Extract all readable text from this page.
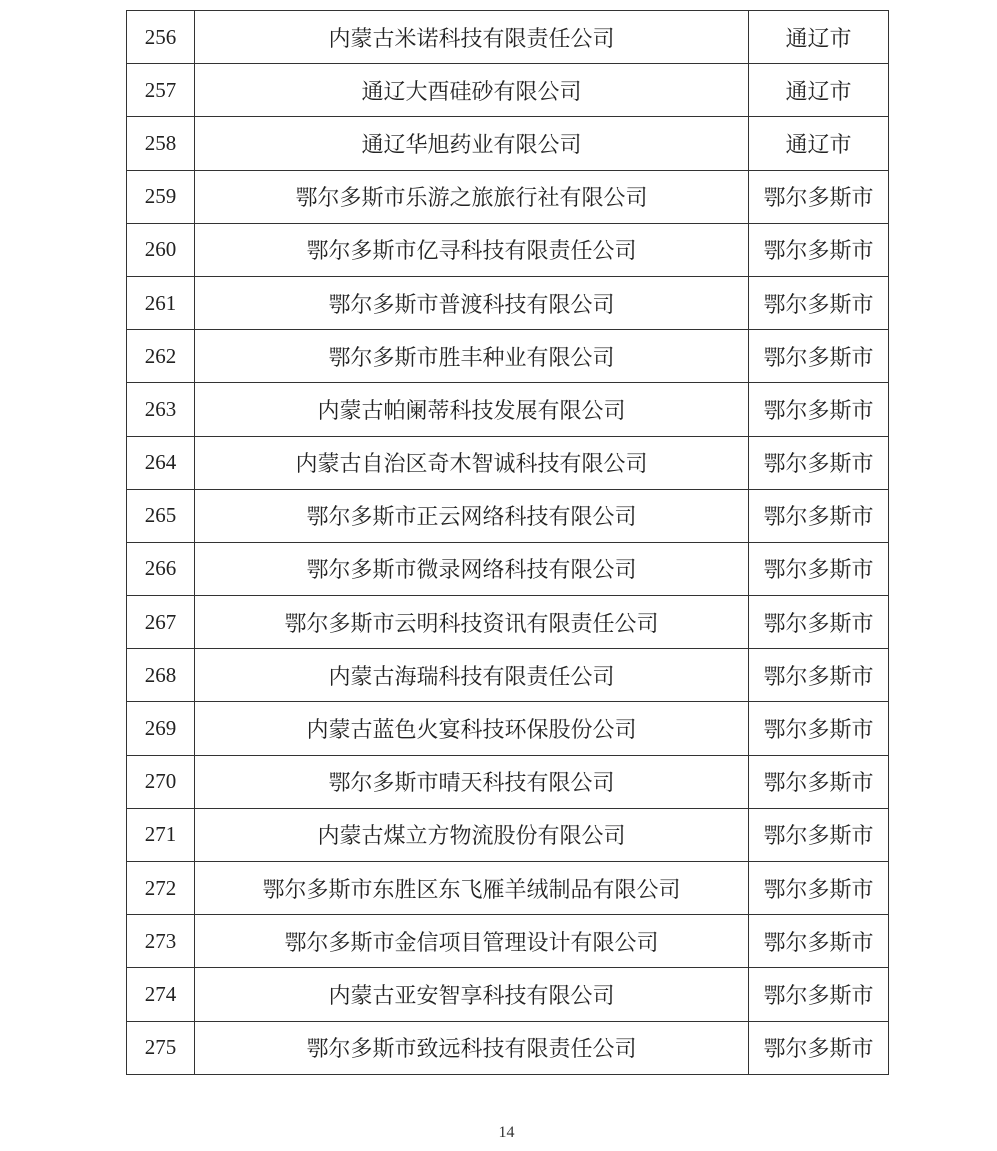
256	内蒙古米诺科技有限责任公司	通辽市
257	通辽大酉硅砂有限公司	通辽市
258	通辽华旭药业有限公司	通辽市
259	鄂尔多斯市乐游之旅旅行社有限公司	鄂尔多斯市
260	鄂尔多斯市亿寻科技有限责任公司	鄂尔多斯市
261	鄂尔多斯市普渡科技有限公司	鄂尔多斯市
262	鄂尔多斯市胜丰种业有限公司	鄂尔多斯市
263	内蒙古帕阑蒂科技发展有限公司	鄂尔多斯市
264	内蒙古自治区奇木智诚科技有限公司	鄂尔多斯市
265	鄂尔多斯市正云网络科技有限公司	鄂尔多斯市
266	鄂尔多斯市微录网络科技有限公司	鄂尔多斯市
267	鄂尔多斯市云明科技资讯有限责任公司	鄂尔多斯市
268	内蒙古海瑞科技有限责任公司	鄂尔多斯市
269	内蒙古蓝色火宴科技环保股份公司	鄂尔多斯市
270	鄂尔多斯市晴天科技有限公司	鄂尔多斯市
271	内蒙古煤立方物流股份有限公司	鄂尔多斯市
272	鄂尔多斯市东胜区东飞雁羊绒制品有限公司	鄂尔多斯市
273	鄂尔多斯市金信项目管理设计有限公司	鄂尔多斯市
274	内蒙古亚安智享科技有限公司	鄂尔多斯市
275	鄂尔多斯市致远科技有限责任公司	鄂尔多斯市
14
